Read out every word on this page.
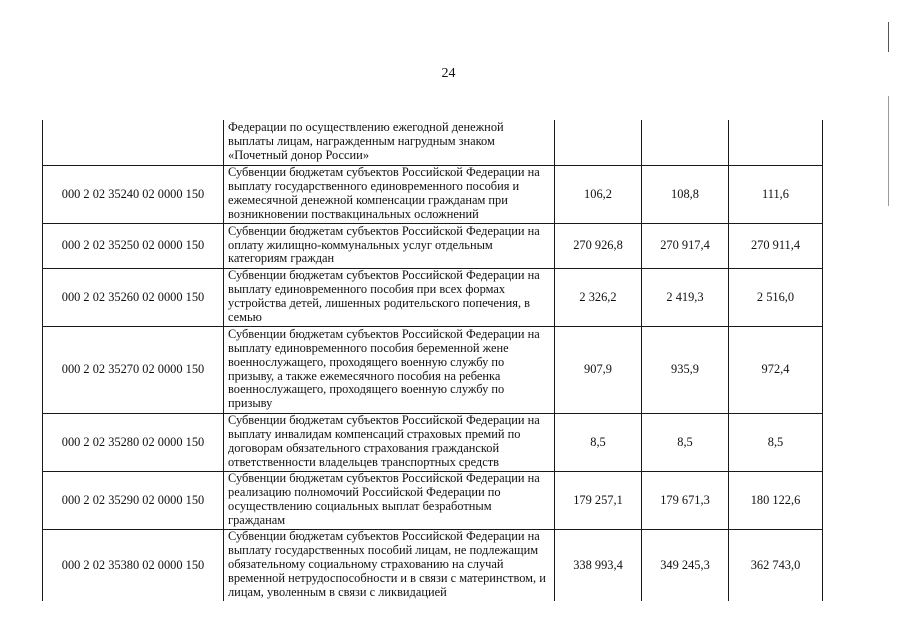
24
	Федерации по осуществлению ежегодной денежной выплаты лицам, награжденным нагрудным знаком «Почетный донор России»			
000 2 02 35240 02 0000 150	Субвенции бюджетам субъектов Российской Федерации на выплату государственного единовременного пособия и ежемесячной денежной компенсации гражданам при возникновении поствакцинальных осложнений	106,2	108,8	111,6
000 2 02 35250 02 0000 150	Субвенции бюджетам субъектов Российской Федерации на оплату жилищно-коммунальных услуг отдельным категориям граждан	270 926,8	270 917,4	270 911,4
000 2 02 35260 02 0000 150	Субвенции бюджетам субъектов Российской Федерации на выплату единовременного пособия при всех формах устройства детей, лишенных родительского попечения, в семью	2 326,2	2 419,3	2 516,0
000 2 02 35270 02 0000 150	Субвенции бюджетам субъектов Российской Федерации на выплату единовременного пособия беременной жене военнослужащего, проходящего военную службу по призыву, а также ежемесячного пособия на ребенка военнослужащего, проходящего военную службу по призыву	907,9	935,9	972,4
000 2 02 35280 02 0000 150	Субвенции бюджетам субъектов Российской Федерации на выплату инвалидам компенсаций страховых премий по договорам обязательного страхования гражданской ответственности владельцев транспортных средств	8,5	8,5	8,5
000 2 02 35290 02 0000 150	Субвенции бюджетам субъектов Российской Федерации на реализацию полномочий Российской Федерации по осуществлению социальных выплат безработным гражданам	179 257,1	179 671,3	180 122,6
000 2 02 35380 02 0000 150	Субвенции бюджетам субъектов Российской Федерации на выплату государственных пособий лицам, не подлежащим обязательному социальному страхованию на случай временной нетрудоспособности и в связи с материнством, и лицам, уволенным в связи с ликвидацией	338 993,4	349 245,3	362 743,0
